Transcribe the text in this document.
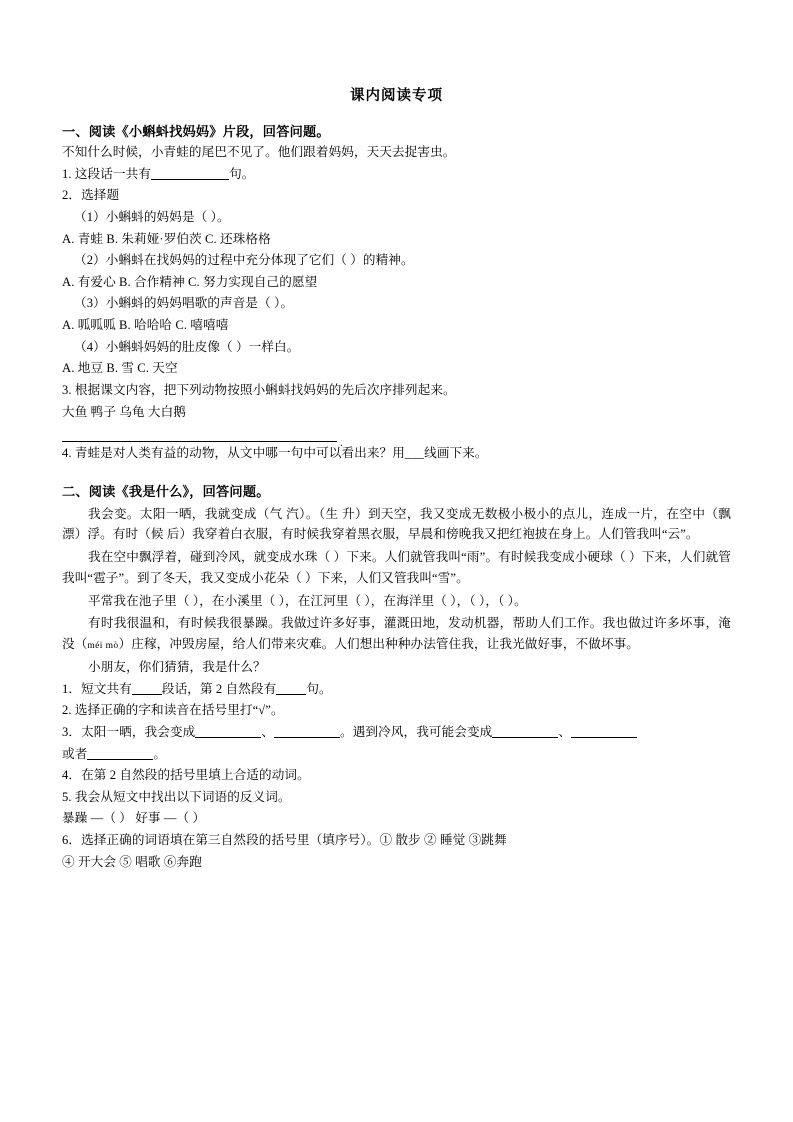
课内阅读专项
一、阅读《小蝌蚪找妈妈》片段，回答问题。

不知什么时候，小青蛙的尾巴不见了。他们跟着妈妈，天天去捉害虫。

1. 这段话一共有	句。

2．选择题

（1）小蝌蚪的妈妈是（ ）。

A. 青蛙 B. 朱莉娅·罗伯茨 C. 还珠格格

（2）小蝌蚪在找妈妈的过程中充分体现了它们（ ）的精神。

A. 有爱心 B. 合作精神 C. 努力实现自己的愿望

（3）小蝌蚪的妈妈唱歌的声音是（ ）。

A. 呱呱呱 B. 哈哈哈 C. 嘻嘻嘻

（4）小蝌蚪妈妈的肚皮像（ ）一样白。

A. 地豆 B. 雪 C. 天空

3. 根据课文内容，把下列动物按照小蝌蚪找妈妈的先后次序排列起来。

大鱼 鸭子 乌龟 大白鹅

.

4. 青蛙是对人类有益的动物，从文中哪一句中可以看出来？用___线画下来。

二、阅读《我是什么》，回答问题。

我会变。太阳一晒，我就变成（气 汽）。（生 升）到天空，我又变成无数极小极小的点儿，连成一片，在空中（飘 漂）浮。有时（候 后）我穿着白衣服，有时候我穿着黑衣服，早晨和傍晚我又把红袍披在身上。人们管我叫“云”。

我在空中飘浮着，碰到冷风，就变成水珠（ ）下来。人们就管我叫“雨”。有时候我变成小硬球（ ）下来，人们就管我叫“雹子”。到了冬天，我又变成小花朵（ ）下来，人们又管我叫“雪”。

平常我在池子里（ ），在小溪里（ ），在江河里（ ），在海洋里（ ），（ ），（ ）。

有时我很温和，有时候我很暴躁。我做过许多好事，灌溉田地，发动机器，帮助人们工作。我也做过许多坏事，淹没（méi mò）庄稼，冲毁房屋，给人们带来灾难。人们想出种种办法管住我，让我光做好事，不做坏事。

小朋友，你们猜猜，我是什么？

1．短文共有 段话，第 2 自然段有 句。

2. 选择正确的字和读音在括号里打“√”。

3．太阳一晒，我会变成	、	。遇到冷风，我可能会变成	、

或者	。

4．在第 2 自然段的括号里填上合适的动词。

5. 我会从短文中找出以下词语的反义词。

暴躁 —（ ） 好事 —（ ）

6．选择正确的词语填在第三自然段的括号里（填序号）。① 散步 ② 睡觉 ③跳舞

④ 开大会 ⑤ 唱歌 ⑥奔跑
